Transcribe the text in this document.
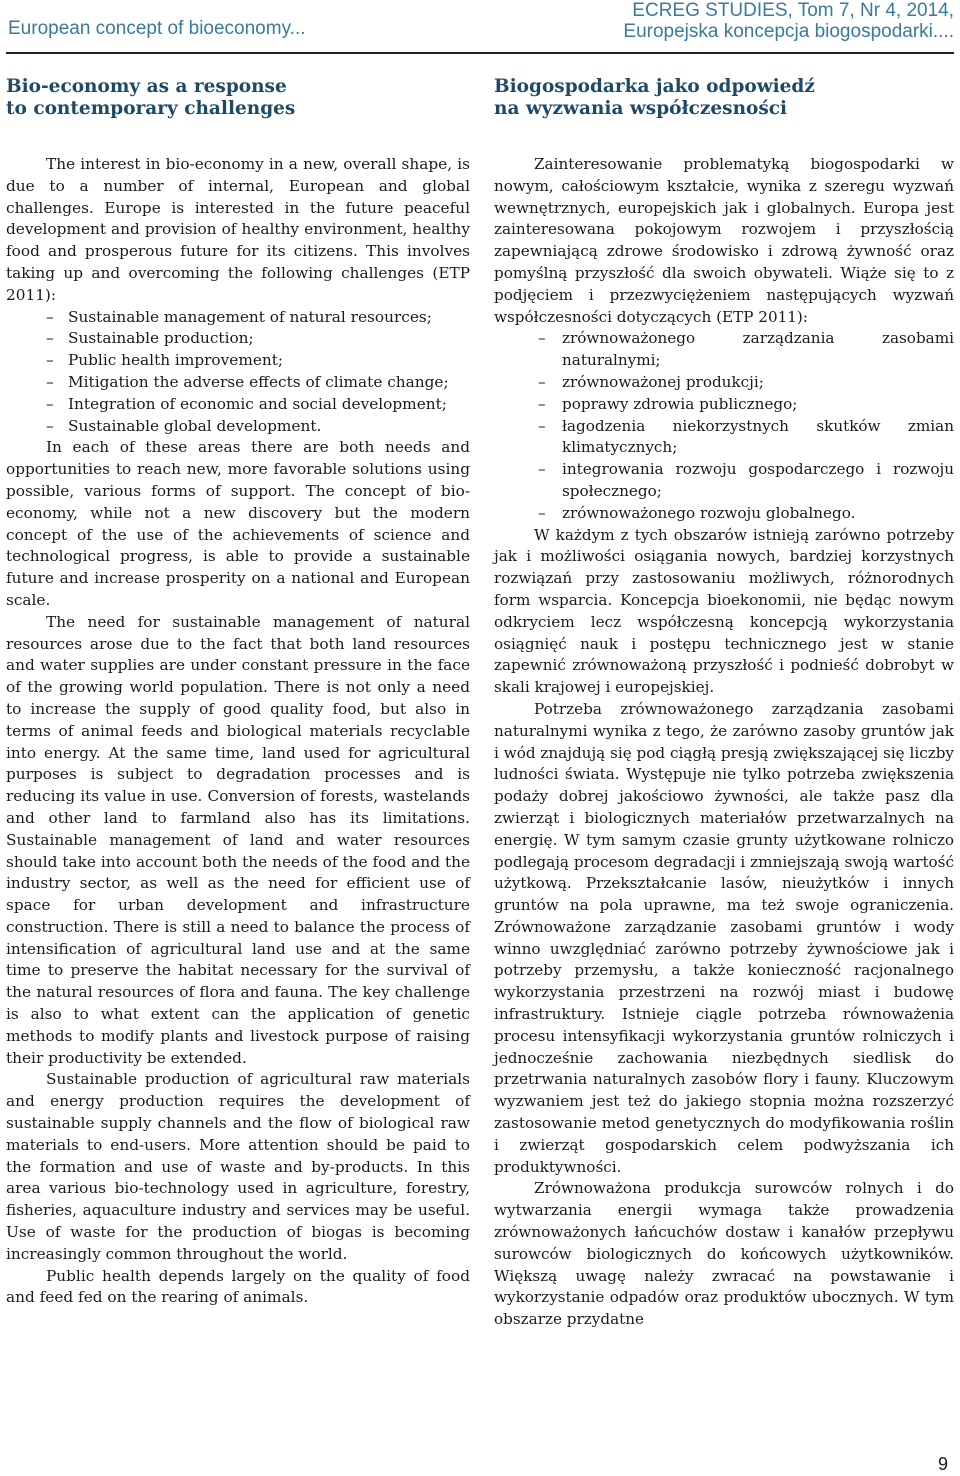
European concept of bioeconomy...
ECREG STUDIES, Tom 7, Nr 4, 2014,
Europejska koncepcja biogospodarki....
Bio-economy as a response
to contemporary challenges

The interest in bio-economy in a new, overall shape, is due to a number of internal, European and global challenges. Europe is interested in the future peaceful development and provision of healthy environment, healthy food and prosperous future for its citizens. This involves taking up and overcoming the following challenges (ETP 2011):

– Sustainable management of natural resources;
– Sustainable production;
– Public health improvement;
– Mitigation the adverse effects of climate change;
– Integration of economic and social development;
– Sustainable global development.

In each of these areas there are both needs and opportunities to reach new, more favorable solutions using possible, various forms of support. The concept of bio-economy, while not a new discovery but the modern concept of the use of the achievements of science and technological progress, is able to provide a sustainable future and increase prosperity on a national and European scale.

The need for sustainable management of natural resources arose due to the fact that both land resources and water supplies are under constant pressure in the face of the growing world population. There is not only a need to increase the supply of good quality food, but also in terms of animal feeds and biological materials recyclable into energy. At the same time, land used for agricultural purposes is subject to degradation processes and is reducing its value in use. Conversion of forests, wastelands and other land to farmland also has its limitations. Sustainable management of land and water resources should take into account both the needs of the food and the industry sector, as well as the need for efficient use of space for urban development and infrastructure construction. There is still a need to balance the process of intensification of agricultural land use and at the same time to preserve the habitat necessary for the survival of the natural resources of flora and fauna. The key challenge is also to what extent can the application of genetic methods to modify plants and livestock purpose of raising their productivity be extended.

Sustainable production of agricultural raw materials and energy production requires the development of sustainable supply channels and the flow of biological raw materials to end-users. More attention should be paid to the formation and use of waste and by-products. In this area various bio-technology used in agriculture, forestry, fisheries, aquaculture industry and services may be useful. Use of waste for the production of biogas is becoming increasingly common throughout the world.

Public health depends largely on the quality of food and feed fed on the rearing of animals.

Biogospodarka jako odpowiedź
na wyzwania współczesności

Zainteresowanie problematyką biogospodarki w nowym, całościowym kształcie, wynika z szeregu wyzwań wewnętrznych, europejskich jak i globalnych. Europa jest zainteresowana pokojowym rozwojem i przyszłością zapewniającą zdrowe środowisko i zdrową żywność oraz pomyślną przyszłość dla swoich obywateli. Wiąże się to z podjęciem i przezwyciężeniem następujących wyzwań współczesności dotyczących (ETP 2011):

– zrównoważonego zarządzania zasobami naturalnymi;
– zrównoważonej produkcji;
– poprawy zdrowia publicznego;
– łagodzenia niekorzystnych skutków zmian klimatycznych;
– integrowania rozwoju gospodarczego i rozwoju społecznego;
– zrównoważonego rozwoju globalnego.

W każdym z tych obszarów istnieją zarówno potrzeby jak i możliwości osiągania nowych, bardziej korzystnych rozwiązań przy zastosowaniu możliwych, różnorodnych form wsparcia. Koncepcja bioekonomii, nie będąc nowym odkryciem lecz współczesną koncepcją wykorzystania osiągnięć nauk i postępu technicznego jest w stanie zapewnić zrównoważoną przyszłość i podnieść dobrobyt w skali krajowej i europejskiej.

Potrzeba zrównoważonego zarządzania zasobami naturalnymi wynika z tego, że zarówno zasoby gruntów jak i wód znajdują się pod ciągłą presją zwiększającej się liczby ludności świata. Występuje nie tylko potrzeba zwiększenia podaży dobrej jakościowo żywności, ale także pasz dla zwierząt i biologicznych materiałów przetwarzalnych na energię. W tym samym czasie grunty użytkowane rolniczo podlegają procesom degradacji i zmniejszają swoją wartość użytkową. Przekształcanie lasów, nieużytków i innych gruntów na pola uprawne, ma też swoje ograniczenia. Zrównoważone zarządzanie zasobami gruntów i wody winno uwzględniać zarówno potrzeby żywnościowe jak i potrzeby przemysłu, a także konieczność racjonalnego wykorzystania przestrzeni na rozwój miast i budowę infrastruktury. Istnieje ciągle potrzeba równoważenia procesu intensyfikacji wykorzystania gruntów rolniczych i jednocześnie zachowania niezbędnych siedlisk do przetrwania naturalnych zasobów flory i fauny. Kluczowym wyzwaniem jest też do jakiego stopnia można rozszerzyć zastosowanie metod genetycznych do modyfikowania roślin i zwierząt gospodarskich celem podwyższania ich produktywności.

Zrównoważona produkcja surowców rolnych i do wytwarzania energii wymaga także prowadzenia zrównoważonych łańcuchów dostaw i kanałów przepływu surowców biologicznych do końcowych użytkowników. Większą uwagę należy zwracać na powstawanie i wykorzystanie odpadów oraz produktów ubocznych. W tym obszarze przydatne

9
